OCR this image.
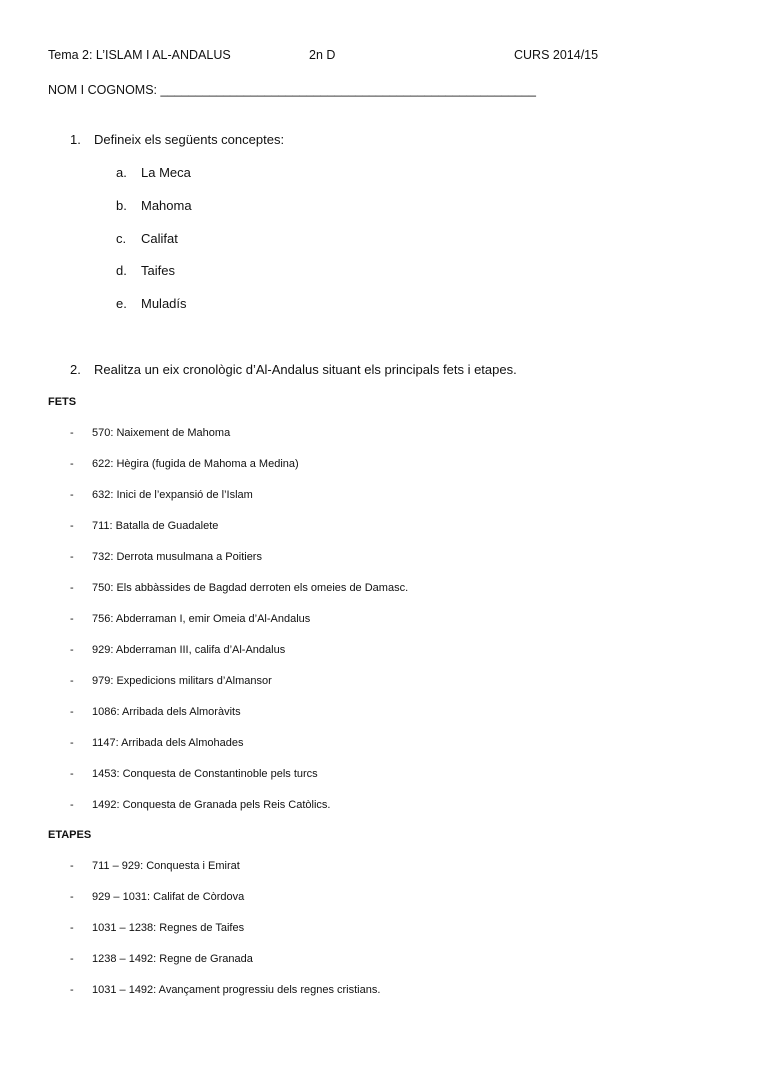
Tema 2: L’ISLAM I AL-ANDALUS	2n D	CURS 2014/15
NOM I COGNOMS: ______________________________________________________
1. Defineix els següents conceptes:
a. La Meca
b. Mahoma
c. Califat
d. Taifes
e. Muladís
2. Realitza un eix cronològic d’Al-Andalus situant els principals fets i etapes.
FETS
- 570: Naixement de Mahoma
- 622: Hègira (fugida de Mahoma a Medina)
- 632: Inici de l’expansió de l’Islam
- 711: Batalla de Guadalete
- 732: Derrota musulmana a Poitiers
- 750: Els abbàssides de Bagdad derroten els omeies de Damasc.
- 756: Abderraman I, emir Omeia d’Al-Andalus
- 929: Abderraman III, califa d’Al-Andalus
- 979: Expedicions militars d’Almansor
- 1086: Arribada dels Almoràvits
- 1147: Arribada dels Almohades
- 1453: Conquesta de Constantinoble pels turcs
- 1492: Conquesta de Granada pels Reis Catòlics.
ETAPES
- 711 – 929: Conquesta i Emirat
- 929 – 1031: Califat de Còrdova
- 1031 – 1238: Regnes de Taifes
- 1238 – 1492: Regne de Granada
- 1031 – 1492: Avançament progressiu dels regnes cristians.
